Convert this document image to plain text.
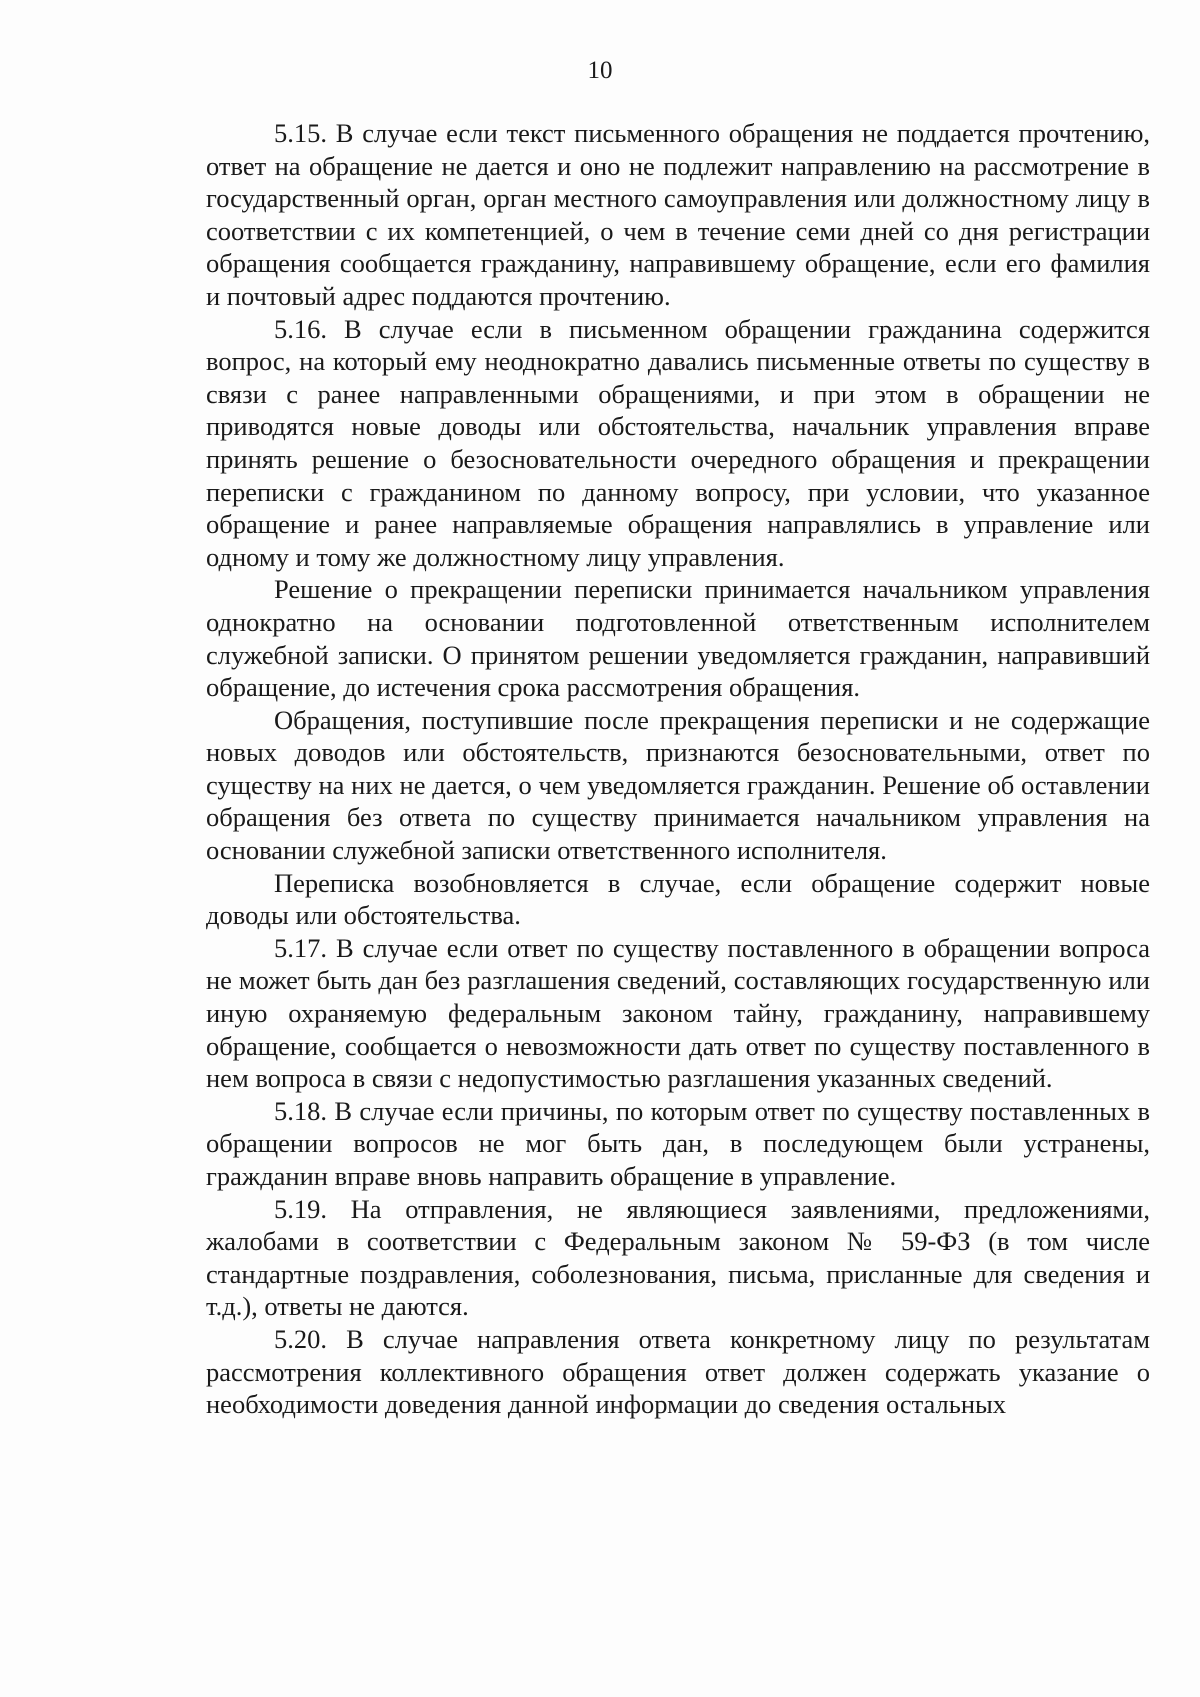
10

5.15. В случае если текст письменного обращения не поддается прочтению, ответ на обращение не дается и оно не подлежит направлению на рассмотрение в государственный орган, орган местного самоуправления или должностному лицу в соответствии с их компетенцией, о чем в течение семи дней со дня регистрации обращения сообщается гражданину, направившему обращение, если его фамилия и почтовый адрес поддаются прочтению.

5.16. В случае если в письменном обращении гражданина содержится вопрос, на который ему неоднократно давались письменные ответы по существу в связи с ранее направленными обращениями, и при этом в обращении не приводятся новые доводы или обстоятельства, начальник управления вправе принять решение о безосновательности очередного обращения и прекращении переписки с гражданином по данному вопросу, при условии, что указанное обращение и ранее направляемые обращения направлялись в управление или одному и тому же должностному лицу управления.

Решение о прекращении переписки принимается начальником управления однократно на основании подготовленной ответственным исполнителем служебной записки. О принятом решении уведомляется гражданин, направивший обращение, до истечения срока рассмотрения обращения.

Обращения, поступившие после прекращения переписки и не содержащие новых доводов или обстоятельств, признаются безосновательными, ответ по существу на них не дается, о чем уведомляется гражданин. Решение об оставлении обращения без ответа по существу принимается начальником управления на основании служебной записки ответственного исполнителя.

Переписка возобновляется в случае, если обращение содержит новые доводы или обстоятельства.

5.17. В случае если ответ по существу поставленного в обращении вопроса не может быть дан без разглашения сведений, составляющих государственную или иную охраняемую федеральным законом тайну, гражданину, направившему обращение, сообщается о невозможности дать ответ по существу поставленного в нем вопроса в связи с недопустимостью разглашения указанных сведений.

5.18. В случае если причины, по которым ответ по существу поставленных в обращении вопросов не мог быть дан, в последующем были устранены, гражданин вправе вновь направить обращение в управление.

5.19. На отправления, не являющиеся заявлениями, предложениями, жалобами в соответствии с Федеральным законом № 59-ФЗ (в том числе стандартные поздравления, соболезнования, письма, присланные для сведения и т.д.), ответы не даются.

5.20. В случае направления ответа конкретному лицу по результатам рассмотрения коллективного обращения ответ должен содержать указание о необходимости доведения данной информации до сведения остальных
